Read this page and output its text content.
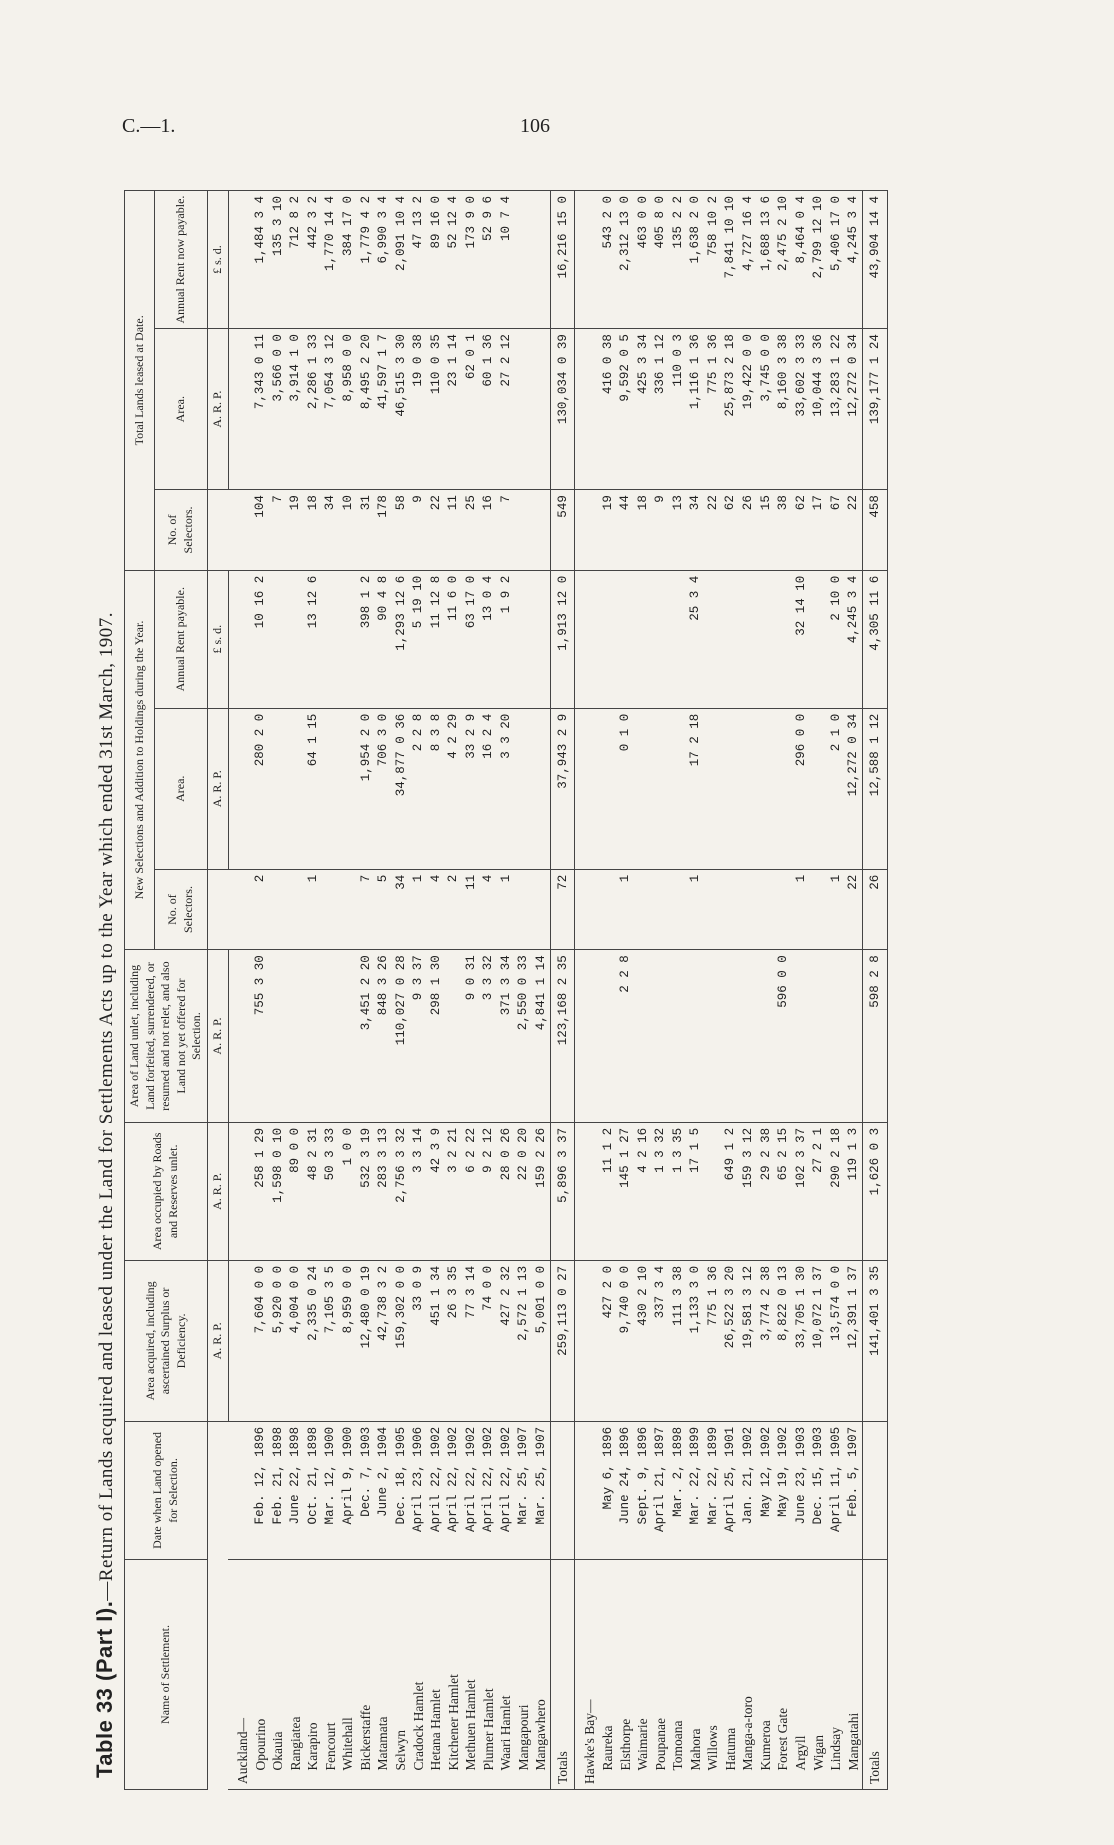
C.—1.	106
Table 33 (Part I).—Return of Lands acquired and leased under the Land for Settlements Acts up to the Year which ended 31st March, 1907.
Name of Settlement.	Date when Land opened for Selection.	Area acquired, including ascertained Surplus or Deficiency.	Area occupied by Roads and Reserves unlet.	Area of Land unlet, including Land forfeited, surrendered, or resumed and not relet, and also Land not yet offered for Selection.	New Selections and Addition to Holdings during the Year.			Total Lands leased at Date.		
					No. of Selectors.	Area.	Annual Rent payable.	No. of Selectors.	Area.	Annual Rent now payable.
		A. R. P.	A. R. P.	A. R. P.		A. R. P.	£ s. d.		A. R. P.	£ s. d.
Auckland—										
 Opourino	Feb. 12, 1896	7,604 0 0	258 1 29	755 3 30	2	280 2 0	10 16 2	104	7,343 0 11	1,484 3 4
 Okauia	Feb. 21, 1898	5,920 0 0	1,598 0 10					7	3,566 0 0	135 3 10
 Rangiatea	June 22, 1898	4,004 0 0	89 0 0					19	3,914 1 0	712 8 2
 Karapiro	Oct. 21, 1898	2,335 0 24	48 2 31		1	64 1 15	13 12 6	18	2,286 1 33	442 3 2
 Fencourt	Mar. 12, 1900	7,105 3 5	50 3 33					34	7,054 3 12	1,770 14 4
 Whitehall	April 9, 1900	8,959 0 0	1 0 0					10	8,958 0 0	384 17 0
 Bickerstaffe	Dec. 7, 1903	12,480 0 19	532 3 19	3,451 2 20	7	1,954 2 0	398 1 2	31	8,495 2 20	1,779 4 2
 Matamata	June 2, 1904	42,738 3 2	283 3 13	848 3 26	5	706 3 0	90 4 8	178	41,597 1 7	6,990 3 4
 Selwyn	Dec. 18, 1905	159,302 0 0	2,756 3 32	110,027 0 28	34	34,877 0 36	1,293 12 6	58	46,515 3 30	2,091 10 4
 Cradock Hamlet	April 23, 1906	33 0 9	3 3 14	9 3 37	1	2 2 8	5 19 10	9	19 0 38	47 13 2
 Hetana Hamlet	April 22, 1902	451 1 34	42 3 9	298 1 30	4	8 3 8	11 12 8	22	110 0 35	89 16 0
 Kitchener Hamlet	April 22, 1902	26 3 35	3 2 21		2	4 2 29	11 6 0	11	23 1 14	52 12 4
 Methuen Hamlet	April 22, 1902	77 3 14	6 2 22	9 0 31	11	33 2 9	63 17 0	25	62 0 1	173 9 0
 Plumer Hamlet	April 22, 1902	74 0 0	9 2 12	3 3 32	4	16 2 4	13 0 4	16	60 1 36	52 9 6
 Waari Hamlet	April 22, 1902	427 2 32	28 0 26	371 3 34	1	3 3 20	1 9 2	7	27 2 12	10 7 4
 Mangapouri	Mar. 25, 1907	2,572 1 13	22 0 20	2,550 0 33						
 Mangawhero	Mar. 25, 1907	5,001 0 0	159 2 26	4,841 1 14						
Totals		259,113 0 27	5,896 3 37	123,168 2 35	72	37,943 2 9	1,913 12 0	549	130,034 0 39	16,216 15 0
Hawke's Bay—										
 Raureka	May 6, 1896	427 2 0	11 1 2					19	416 0 38	543 2 0
 Elsthorpe	June 24, 1896	9,740 0 0	145 1 27	2 2 8	1	0 1 0		44	9,592 0 5	2,312 13 0
 Waimarie	Sept. 9, 1896	430 2 10	4 2 16					18	425 3 34	463 0 0
 Poupanae	April 21, 1897	337 3 4	1 3 32					9	336 1 12	405 8 0
 Tomoana	Mar. 2, 1898	111 3 38	1 3 35					13	110 0 3	135 2 2
 Mahora	Mar. 22, 1899	1,133 3 0	17 1 5		1	17 2 18	25 3 4	34	1,116 1 36	1,638 2 0
 Willows	Mar. 22, 1899	775 1 36						22	775 1 36	758 10 2
 Hatuma	April 25, 1901	26,522 3 20	649 1 2					62	25,873 2 18	7,841 10 10
 Manga-a-toro	Jan. 21, 1902	19,581 3 12	159 3 12					26	19,422 0 0	4,727 16 4
 Kumeroa	May 12, 1902	3,774 2 38	29 2 38					15	3,745 0 0	1,688 13 6
 Forest Gate	May 19, 1902	8,822 0 13	65 2 15	596 0 0				38	8,160 3 38	2,475 2 10
 Argyll	June 23, 1903	33,705 1 30	102 3 37		1	296 0 0	32 14 10	62	33,602 3 33	8,464 0 4
 Wigan	Dec. 15, 1903	10,072 1 37	27 2 1					17	10,044 3 36	2,799 12 10
 Lindsay	April 11, 1905	13,574 0 0	290 2 18		1	2 1 0	2 10 0	67	13,283 1 22	5,406 17 0
 Mangatahi	Feb. 5, 1907	12,391 1 37	119 1 3		22	12,272 0 34	4,245 3 4	22	12,272 0 34	4,245 3 4
Totals		141,401 3 35	1,626 0 3	598 2 8	26	12,588 1 12	4,305 11 6	458	139,177 1 24	43,904 14 4
